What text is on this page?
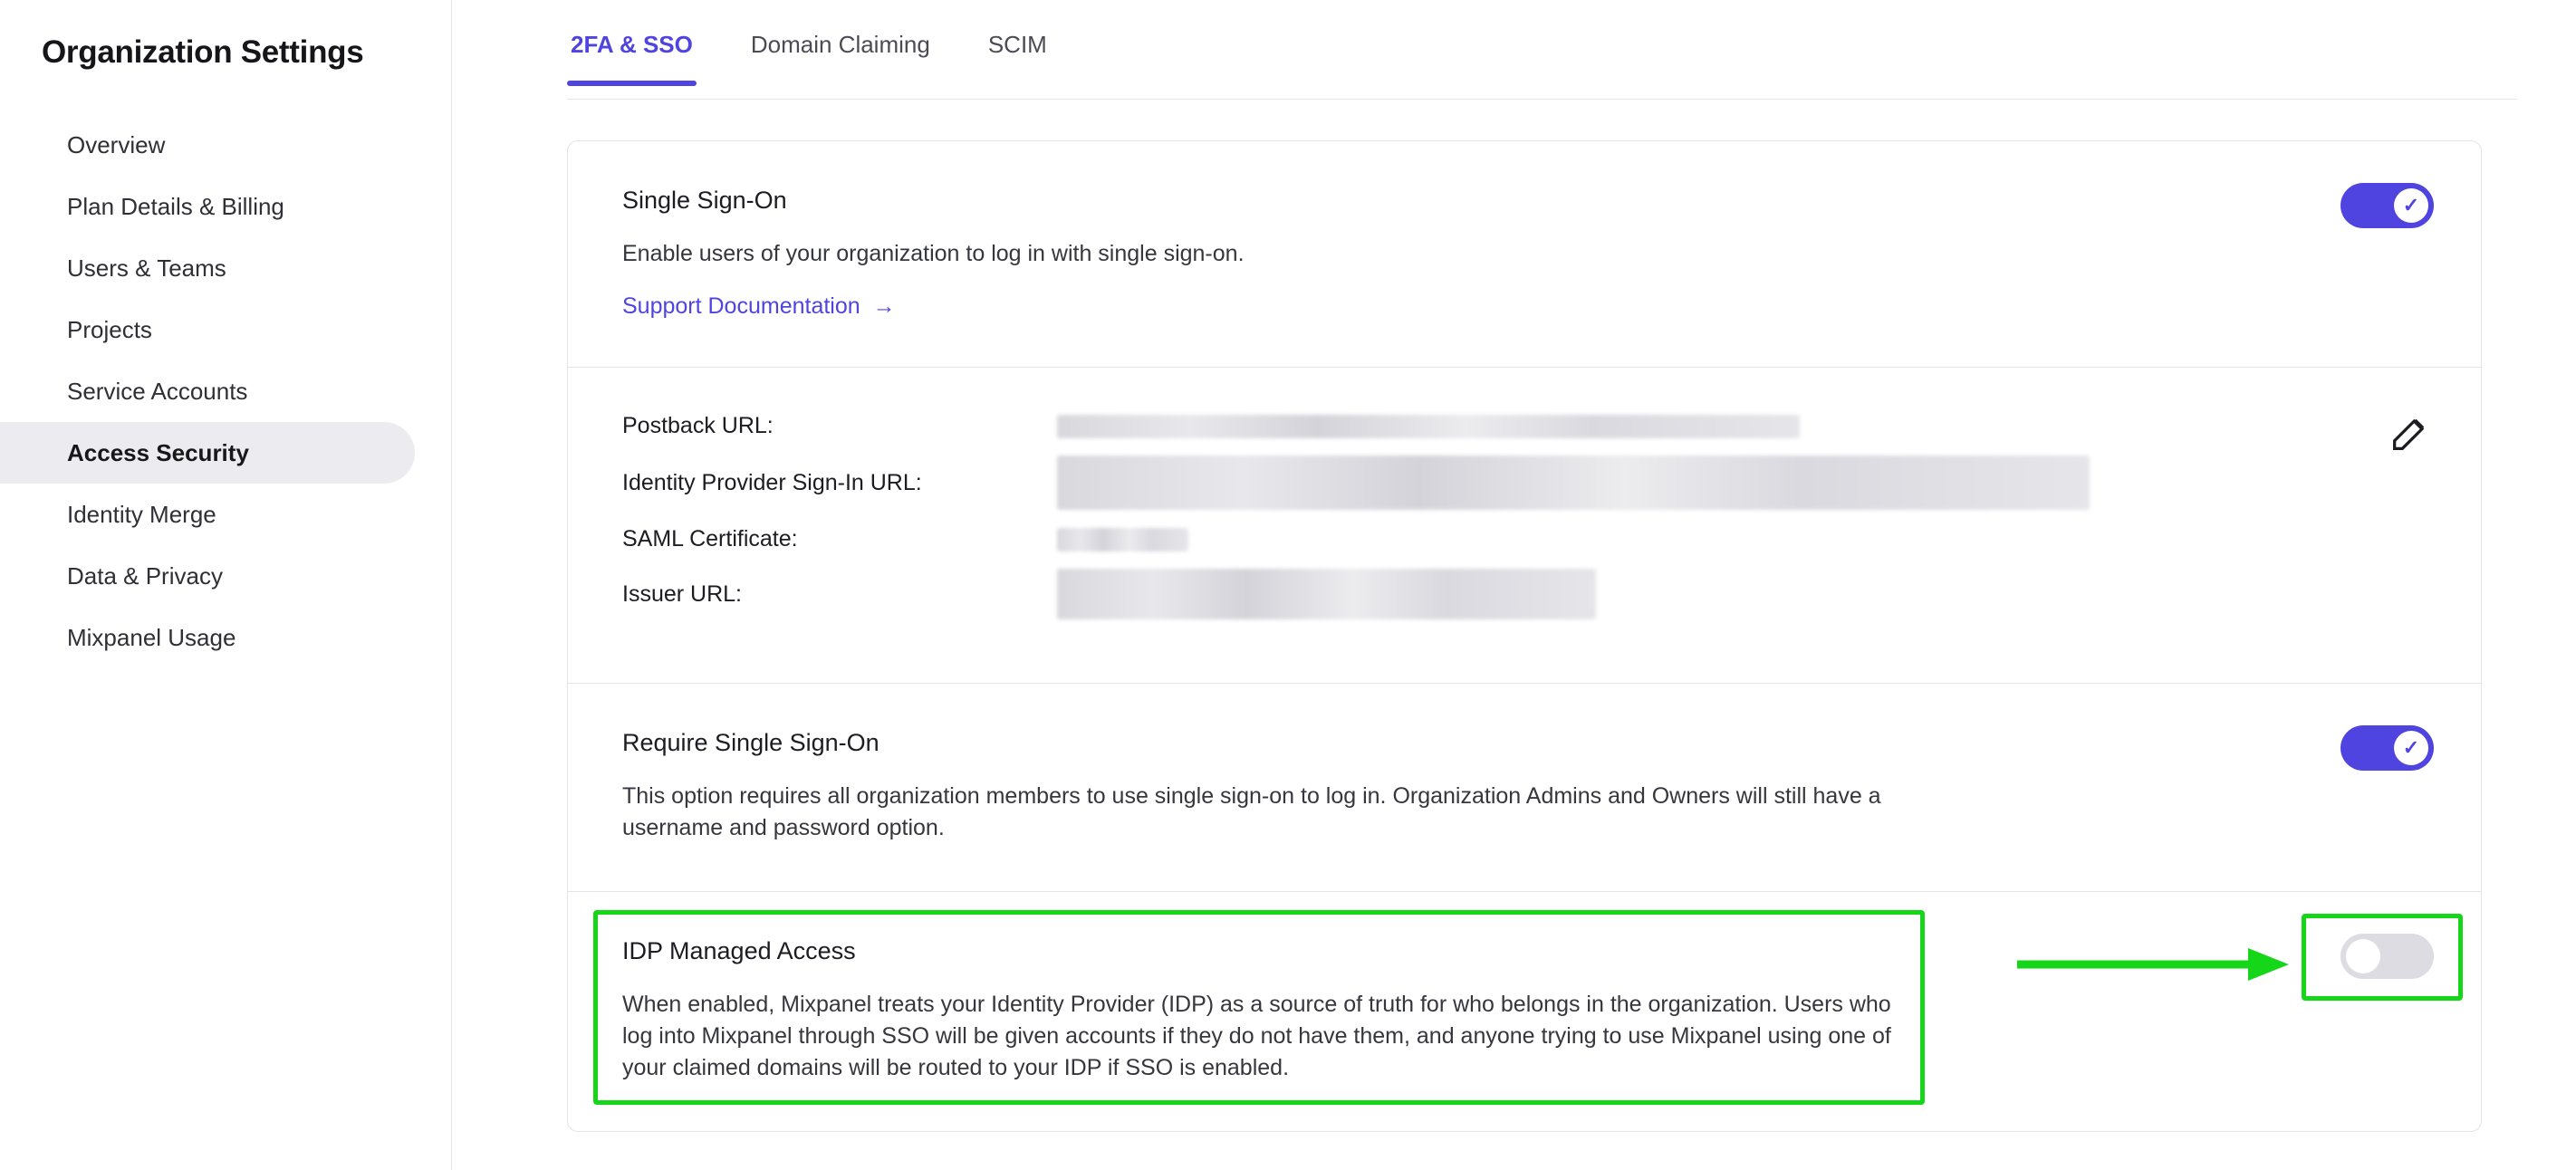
Organization Settings
Overview
Plan Details & Billing
Users & Teams
Projects
Service Accounts
Access Security
Identity Merge
Data & Privacy
Mixpanel Usage
2FA & SSO Domain Claiming SCIM
Single Sign-On
Enable users of your organization to log in with single sign-on.
Support Documentation →
✓
Postback URL:
Identity Provider Sign-In URL:
SAML Certificate:
Issuer URL:
Require Single Sign-On
This option requires all organization members to use single sign-on to log in. Organization Admins and Owners will still have a username and password option.
✓
IDP Managed Access
When enabled, Mixpanel treats your Identity Provider (IDP) as a source of truth for who belongs in the organization. Users who log into Mixpanel through SSO will be given accounts if they do not have them, and anyone trying to use Mixpanel using one of your claimed domains will be routed to your IDP if SSO is enabled.
